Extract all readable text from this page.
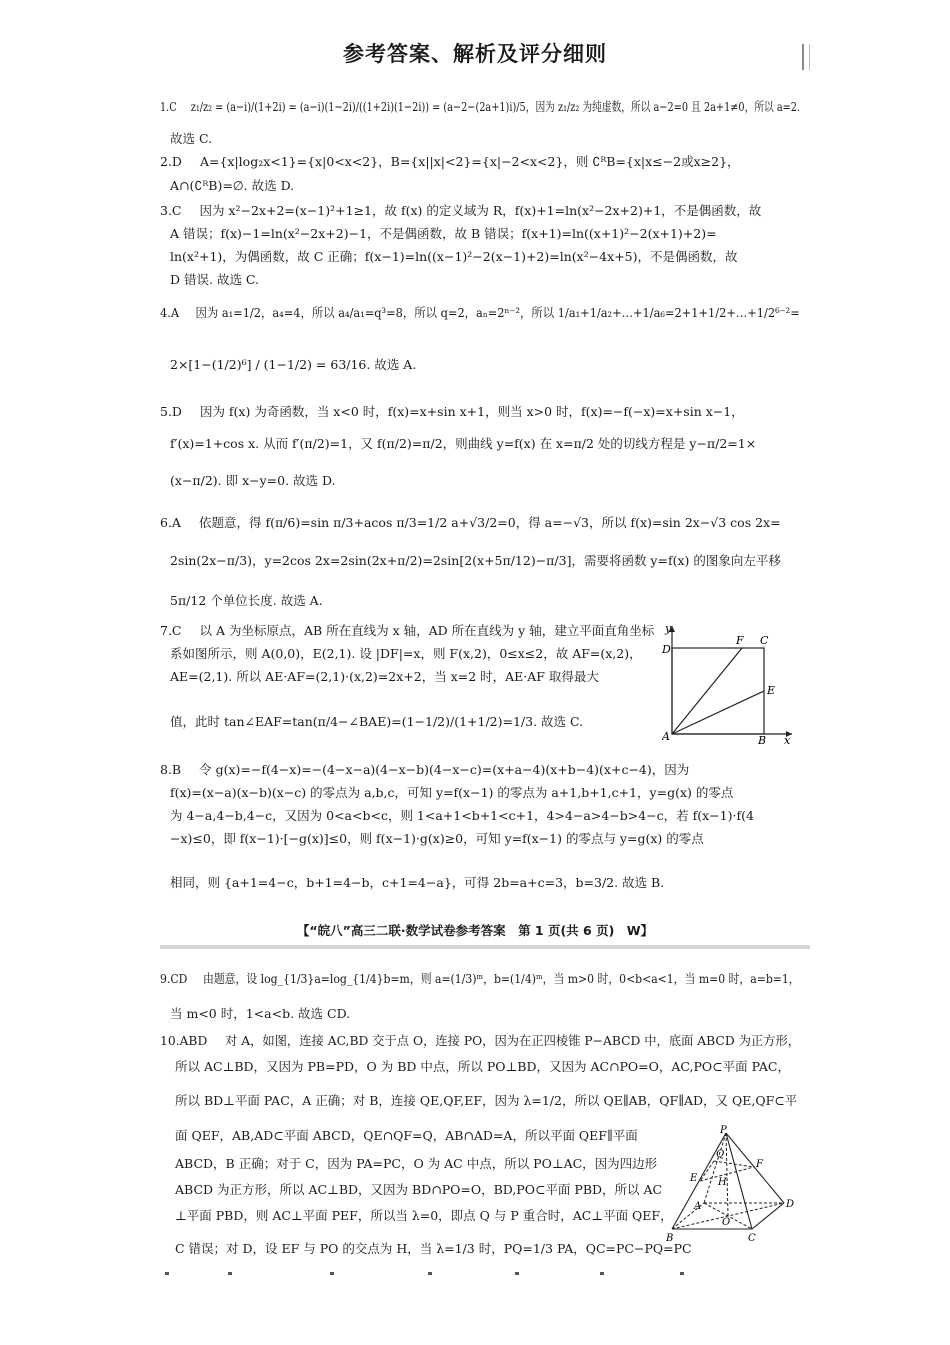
参考答案、解析及评分细则
1.C z₁/z₂ = (a−i)/(1+2i) = (a−i)(1−2i)/((1+2i)(1−2i)) = (a−2−(2a+1)i)/5，因为 z₁/z₂ 为纯虚数，所以 a−2=0 且 2a+1≠0，所以 a=2.
故选 C.
2.D A={x|log₂x<1}={x|0<x<2}，B={x||x|<2}={x|−2<x<2}，则 ∁ᴿB={x|x≤−2或x≥2}，
A∩(∁ᴿB)=∅. 故选 D.
3.C 因为 x²−2x+2=(x−1)²+1≥1，故 f(x) 的定义域为 R，f(x)+1=ln(x²−2x+2)+1，不是偶函数，故
A 错误；f(x)−1=ln(x²−2x+2)−1，不是偶函数，故 B 错误；f(x+1)=ln((x+1)²−2(x+1)+2)=
ln(x²+1)，为偶函数，故 C 正确；f(x−1)=ln((x−1)²−2(x−1)+2)=ln(x²−4x+5)，不是偶函数，故
D 错误. 故选 C.
4.A 因为 a₁=1/2，a₄=4，所以 a₄/a₁=q³=8，所以 q=2，aₙ=2ⁿ⁻²，所以 1/a₁+1/a₂+…+1/a₆=2+1+1/2+…+1/2⁶⁻²=
2×[1−(1/2)⁶] / (1−1/2) = 63/16. 故选 A.
5.D 因为 f(x) 为奇函数，当 x<0 时，f(x)=x+sin x+1，则当 x>0 时，f(x)=−f(−x)=x+sin x−1，
f′(x)=1+cos x. 从而 f′(π/2)=1，又 f(π/2)=π/2，则曲线 y=f(x) 在 x=π/2 处的切线方程是 y−π/2=1×
(x−π/2). 即 x−y=0. 故选 D.
6.A 依题意，得 f(π/6)=sin π/3+acos π/3=1/2 a+√3/2=0，得 a=−√3，所以 f(x)=sin 2x−√3 cos 2x=
2sin(2x−π/3)，y=2cos 2x=2sin(2x+π/2)=2sin[2(x+5π/12)−π/3]，需要将函数 y=f(x) 的图象向左平移
5π/12 个单位长度. 故选 A.
7.C 以 A 为坐标原点，AB 所在直线为 x 轴，AD 所在直线为 y 轴，建立平面直角坐标
系如图所示，则 A(0,0)，E(2,1). 设 |DF|=x，则 F(x,2)，0≤x≤2，故 AF=(x,2)，
AE=(2,1). 所以 AE·AF=(2,1)·(x,2)=2x+2，当 x=2 时，AE·AF 取得最大
值，此时 tan∠EAF=tan(π/4−∠BAE)=(1−1/2)/(1+1/2)=1/3. 故选 C.
8.B 令 g(x)=−f(4−x)=−(4−x−a)(4−x−b)(4−x−c)=(x+a−4)(x+b−4)(x+c−4)，因为
f(x)=(x−a)(x−b)(x−c) 的零点为 a,b,c，可知 y=f(x−1) 的零点为 a+1,b+1,c+1，y=g(x) 的零点
为 4−a,4−b,4−c，又因为 0<a<b<c，则 1<a+1<b+1<c+1，4>4−a>4−b>4−c，若 f(x−1)·f(4
−x)≤0，即 f(x−1)·[−g(x)]≤0，则 f(x−1)·g(x)≥0，可知 y=f(x−1) 的零点与 y=g(x) 的零点
相同，则 {a+1=4−c，b+1=4−b，c+1=4−a}，可得 2b=a+c=3，b=3/2. 故选 B.
9.CD 由题意，设 log_{1/3}a=log_{1/4}b=m，则 a=(1/3)ᵐ，b=(1/4)ᵐ，当 m>0 时，0<b<a<1，当 m=0 时，a=b=1，
当 m<0 时，1<a<b. 故选 CD.
10.ABD 对 A，如图，连接 AC,BD 交于点 O，连接 PO，因为在正四棱锥 P−ABCD 中，底面 ABCD 为正方形，
所以 AC⊥BD，又因为 PB=PD，O 为 BD 中点，所以 PO⊥BD，又因为 AC∩PO=O，AC,PO⊂平面 PAC，
所以 BD⊥平面 PAC，A 正确；对 B，连接 QE,QF,EF，因为 λ=1/2，所以 QE∥AB，QF∥AD，又 QE,QF⊂平
面 QEF，AB,AD⊂平面 ABCD，QE∩QF=Q，AB∩AD=A，所以平面 QEF∥平面
ABCD，B 正确；对于 C，因为 PA=PC，O 为 AC 中点，所以 PO⊥AC，因为四边形
ABCD 为正方形，所以 AC⊥BD，又因为 BD∩PO=O，BD,PO⊂平面 PBD，所以 AC
⊥平面 PBD，则 AC⊥平面 PEF，所以当 λ=0，即点 Q 与 P 重合时，AC⊥平面 QEF，
C 错误；对 D，设 EF 与 PO 的交点为 H，当 λ=1/3 时，PQ=1/3 PA，QC=PC−PQ=PC
y
D
F C
E
A	B x
【“皖八”高三二联·数学试卷参考答案　第 1 页(共 6 页)　W】
P
E
Q
F
H
A	D
O
B	C
